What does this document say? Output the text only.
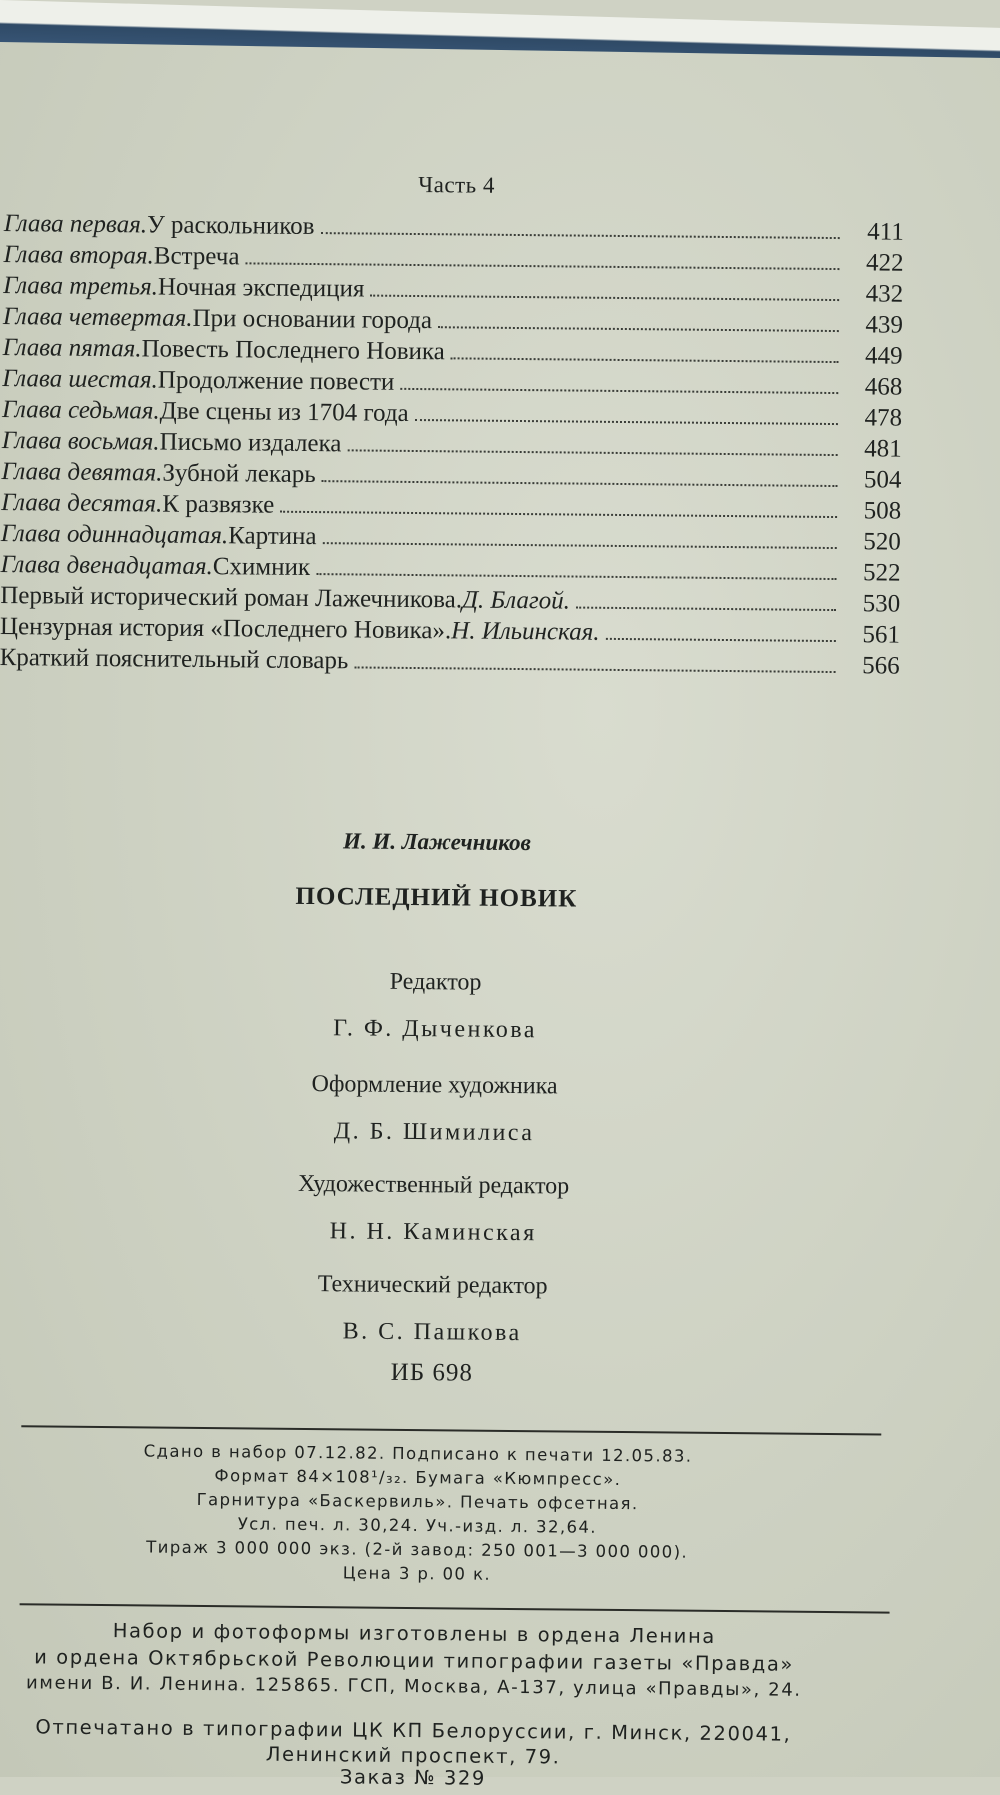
Часть 4
Глава первая. У раскольников	411
Глава вторая. Встреча	422
Глава третья. Ночная экспедиция	432
Глава четвертая. При основании города	439
Глава пятая. Повесть Последнего Новика	449
Глава шестая. Продолжение повести	468
Глава седьмая. Две сцены из 1704 года	478
Глава восьмая. Письмо издалека	481
Глава девятая. Зубной лекарь	504
Глава десятая. К развязке	508
Глава одиннадцатая. Картина	520
Глава двенадцатая. Схимник	522
Первый исторический роман Лажечникова. Д. Благой.	530
Цензурная история «Последнего Новика». Н. Ильинская.	561
Краткий пояснительный словарь	566
И. И. Лажечников
ПОСЛЕДНИЙ НОВИК
Редактор
Г. Ф. Дыченкова
Оформление художника
Д. Б. Шимилиса
Художественный редактор
Н. Н. Каминская
Технический редактор
В. С. Пашкова
ИБ 698
Сдано в набор 07.12.82. Подписано к печати 12.05.83.
Формат 84×108¹/₃₂. Бумага «Кюмпресс».
Гарнитура «Баскервиль». Печать офсетная.
Усл. печ. л. 30,24. Уч.-изд. л. 32,64.
Тираж 3 000 000 экз. (2-й завод: 250 001—3 000 000).
Цена 3 р. 00 к.
Набор и фотоформы изготовлены в ордена Ленина
и ордена Октябрьской Революции типографии газеты «Правда»
имени В. И. Ленина. 125865. ГСП, Москва, А-137, улица «Правды», 24.
Отпечатано в типографии ЦК КП Белоруссии, г. Минск, 220041,
Ленинский проспект, 79.
Заказ № 329
